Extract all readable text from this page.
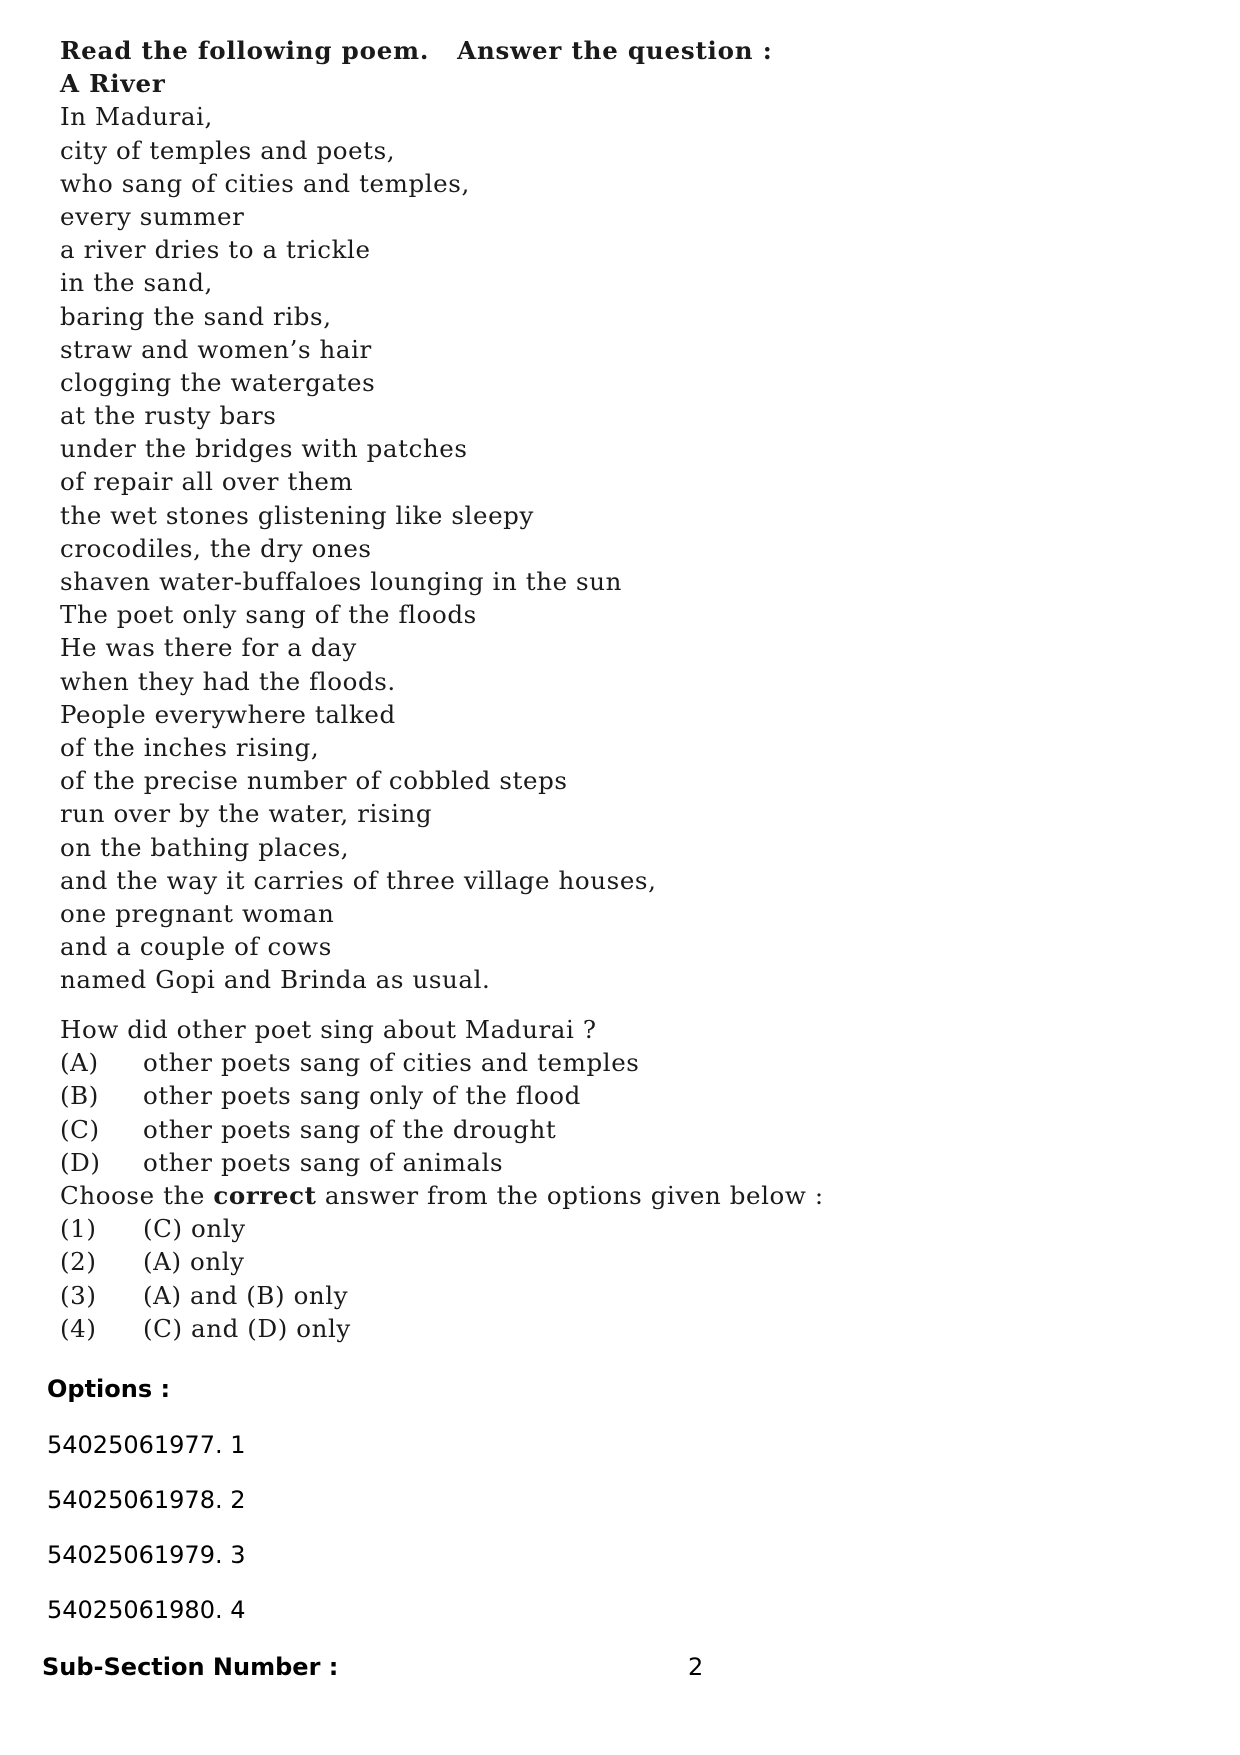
Read the following poem.   Answer the question :
A River
In Madurai,
city of temples and poets,
who sang of cities and temples,
every summer
a river dries to a trickle
in the sand,
baring the sand ribs,
straw and women’s hair
clogging the watergates
at the rusty bars
under the bridges with patches
of repair all over them
the wet stones glistening like sleepy
crocodiles, the dry ones
shaven water-buffaloes lounging in the sun
The poet only sang of the floods
He was there for a day
when they had the floods.
People everywhere talked
of the inches rising,
of the precise number of cobbled steps
run over by the water, rising
on the bathing places,
and the way it carries of three village houses,
one pregnant woman
and a couple of cows
named Gopi and Brinda as usual.
How did other poet sing about Madurai ?
(A)	other poets sang of cities and temples
(B)	other poets sang only of the flood
(C)	other poets sang of the drought
(D)	other poets sang of animals
Choose the correct answer from the options given below :
(1)	(C) only
(2)	(A) only
(3)	(A) and (B) only
(4)	(C) and (D) only
Options :
54025061977. 1
54025061978. 2
54025061979. 3
54025061980. 4
Sub-Section Number :	2
